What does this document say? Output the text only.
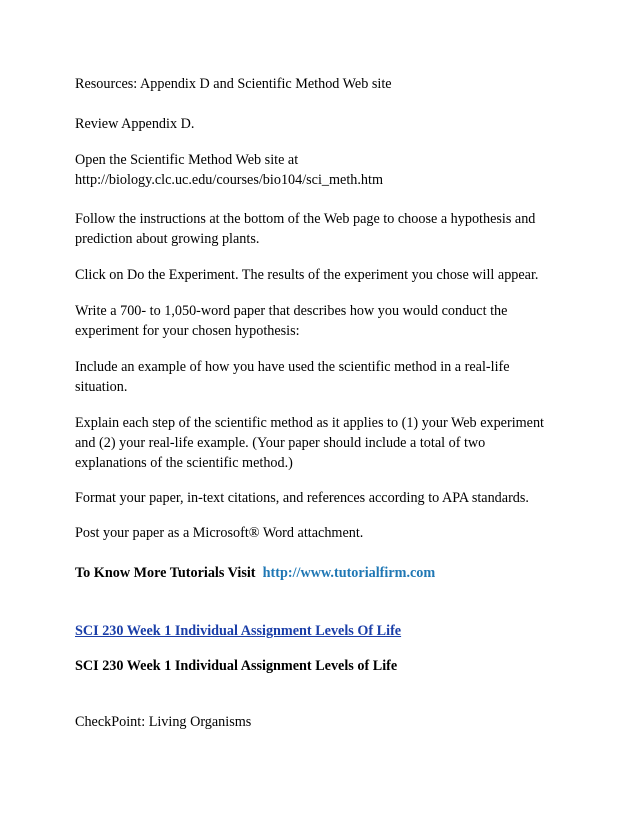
Resources: Appendix D and Scientific Method Web site

Review Appendix D.

Open the Scientific Method Web site at

http://biology.clc.uc.edu/courses/bio104/sci_meth.htm

Follow the instructions at the bottom of the Web page to choose a hypothesis and

prediction about growing plants.

Click on Do the Experiment. The results of the experiment you chose will appear.

Write a 700- to 1,050-word paper that describes how you would conduct the

experiment for your chosen hypothesis:

Include an example of how you have used the scientific method in a real-life

situation.

Explain each step of the scientific method as it applies to (1) your Web experiment

and (2) your real-life example. (Your paper should include a total of two

explanations of the scientific method.)

Format your paper, in-text citations, and references according to APA standards.

Post your paper as a Microsoft® Word attachment.

To Know More Tutorials Visit  http://www.tutorialfirm.com

SCI 230 Week 1 Individual Assignment Levels Of Life

SCI 230 Week 1 Individual Assignment Levels of Life

CheckPoint: Living Organisms
